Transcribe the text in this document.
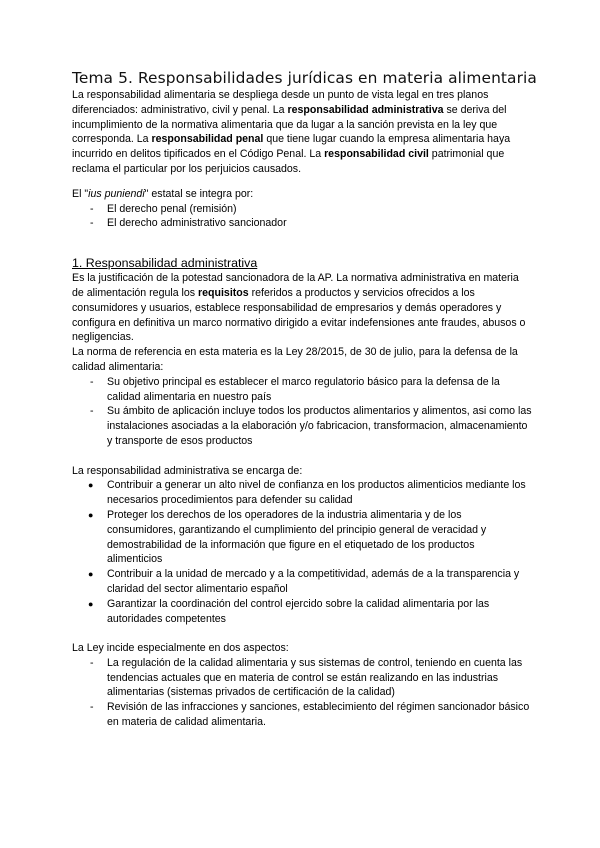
Tema 5. Responsabilidades jurídicas en materia alimentaria

La responsabilidad alimentaria se despliega desde un punto de vista legal en tres planos diferenciados: administrativo, civil y penal. La responsabilidad administrativa se deriva del incumplimiento de la normativa alimentaria que da lugar a la sanción prevista en la ley que corresponda. La responsabilidad penal que tiene lugar cuando la empresa alimentaria haya incurrido en delitos tipificados en el Código Penal. La responsabilidad civil patrimonial que reclama el particular por los perjuicios causados.

El "ius puniendi" estatal se integra por:

- El derecho penal (remisión)
- El derecho administrativo sancionador
1. Responsabilidad administrativa

Es la justificación de la potestad sancionadora de la AP. La normativa administrativa en materia de alimentación regula los requisitos referidos a productos y servicios ofrecidos a los consumidores y usuarios, establece responsabilidad de empresarios y demás operadores y configura en definitiva un marco normativo dirigido a evitar indefensiones ante fraudes, abusos o negligencias.

La norma de referencia en esta materia es la Ley 28/2015, de 30 de julio, para la defensa de la calidad alimentaria:

- Su objetivo principal es establecer el marco regulatorio básico para la defensa de la calidad alimentaria en nuestro país
- Su ámbito de aplicación incluye todos los productos alimentarios y alimentos, asi como las instalaciones asociadas a la elaboración y/o fabricacion, transformacion, almacenamiento y transporte de esos productos

La responsabilidad administrativa se encarga de:

● Contribuir a generar un alto nivel de confianza en los productos alimenticios mediante los necesarios procedimientos para defender su calidad
● Proteger los derechos de los operadores de la industria alimentaria y de los consumidores, garantizando el cumplimiento del principio general de veracidad y demostrabilidad de la información que figure en el etiquetado de los productos alimenticios
● Contribuir a la unidad de mercado y a la competitividad, además de a la transparencia y claridad del sector alimentario español
● Garantizar la coordinación del control ejercido sobre la calidad alimentaria por las autoridades competentes

La Ley incide especialmente en dos aspectos:

- La regulación de la calidad alimentaria y sus sistemas de control, teniendo en cuenta las tendencias actuales que en materia de control se están realizando en las industrias alimentarias (sistemas privados de certificación de la calidad)
- Revisión de las infracciones y sanciones, establecimiento del régimen sancionador básico en materia de calidad alimentaria.
